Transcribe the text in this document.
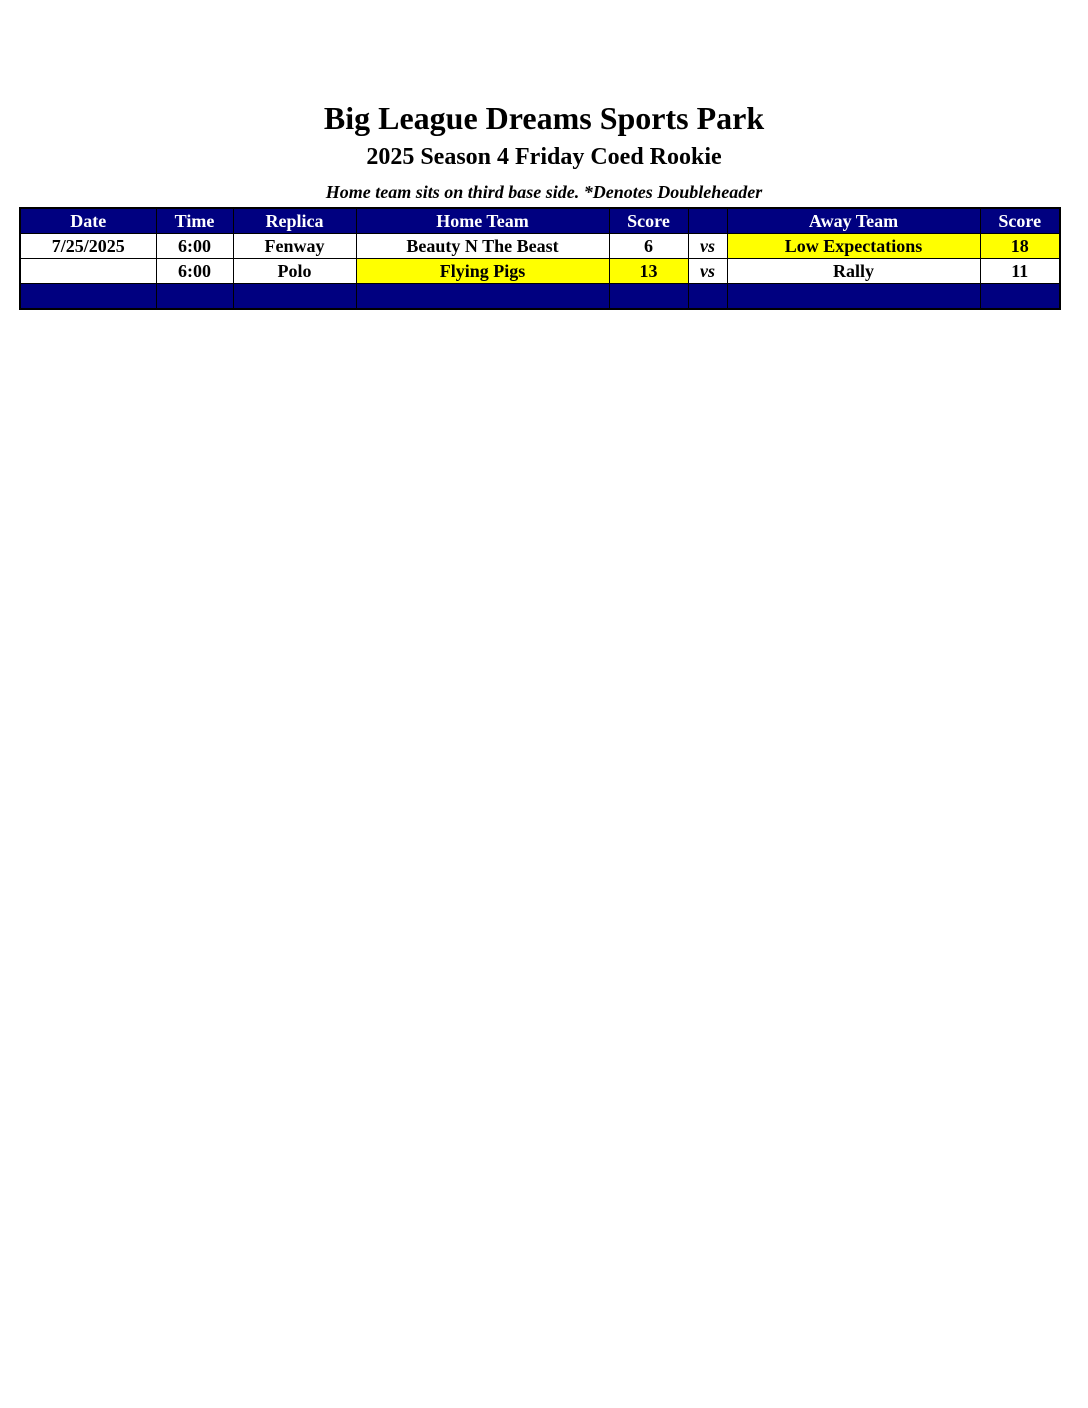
Big League Dreams Sports Park
2025 Season 4 Friday Coed Rookie
Home team sits on third base side. *Denotes Doubleheader
Date	Time	Replica	Home Team	Score		Away Team	Score
7/25/2025	6:00	Fenway	Beauty N The Beast	6	vs	Low Expectations	18
	6:00	Polo	Flying Pigs	13	vs	Rally	11
